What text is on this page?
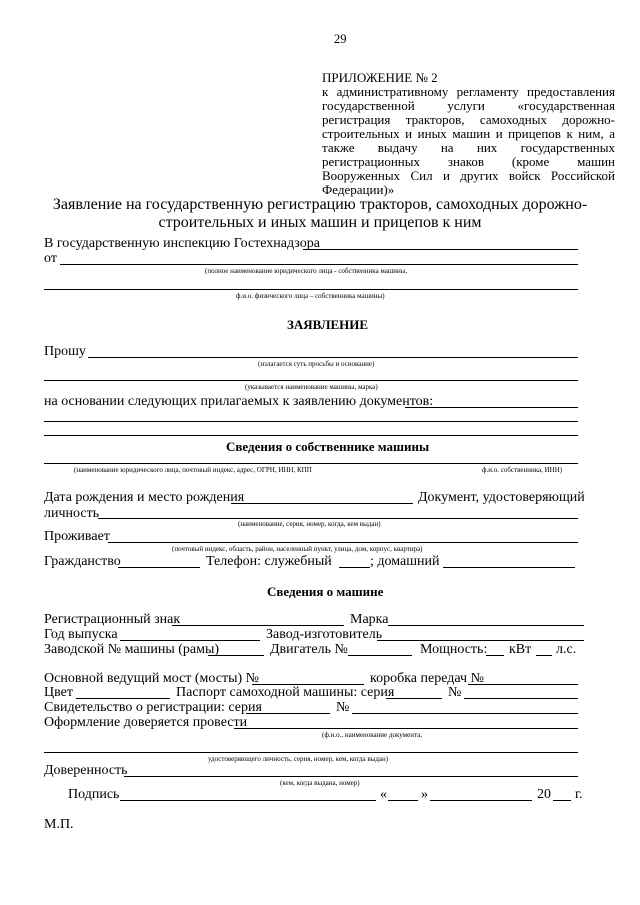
29
ПРИЛОЖЕНИЕ № 2
к административному регламенту предоставления
государственной услуги «государственная
регистрация тракторов, самоходных дорожно-
строительных и иных машин и прицепов к ним, а
также выдачу на них государственных
регистрационных знаков (кроме машин
Вооруженных Сил и других войск Российской
Федерации)»
Заявление на государственную регистрацию тракторов, самоходных дорожно-
строительных и иных машин и прицепов к ним
В государственную инспекцию Гостехнадзора
от
(полное наименование юридического лица - собственника машины,
ф.и.о. физического лица – собственника машины)
ЗАЯВЛЕНИЕ
Прошу
(излагается суть просьбы и основание)
(указывается наименование машины, марка)
на основании следующих прилагаемых к заявлению документов:
Сведения о собственнике машины
(наименование юридического лица, почтовый индекс, адрес, ОГРН, ИНН, КПП	ф.и.о. собственника, ИНН)
Дата рождения и место рождения	Документ, удостоверяющий
личность
(наименование, серия, номер, когда, кем выдан)
Проживает
(почтовый индекс, область, район, населенный пункт, улица, дом, корпус, квартира)
Гражданство	Телефон: служебный	; домашний
Сведения о машине
Регистрационный знак	Марка
Год выпуска	Завод-изготовитель
Заводской № машины (рамы)	Двигатель №	Мощность: кВт л.с.
Основной ведущий мост (мосты) №	коробка передач №
Цвет	Паспорт самоходной машины: серия	№
Свидетельство о регистрации: серия	№
Оформление доверяется провести
(ф.и.о., наименование документа,
удостоверяющего личность, серия, номер, кем, когда выдан)
Доверенность
(кем, когда выдана, номер)
Подпись	« »	20 г.
М.П.
